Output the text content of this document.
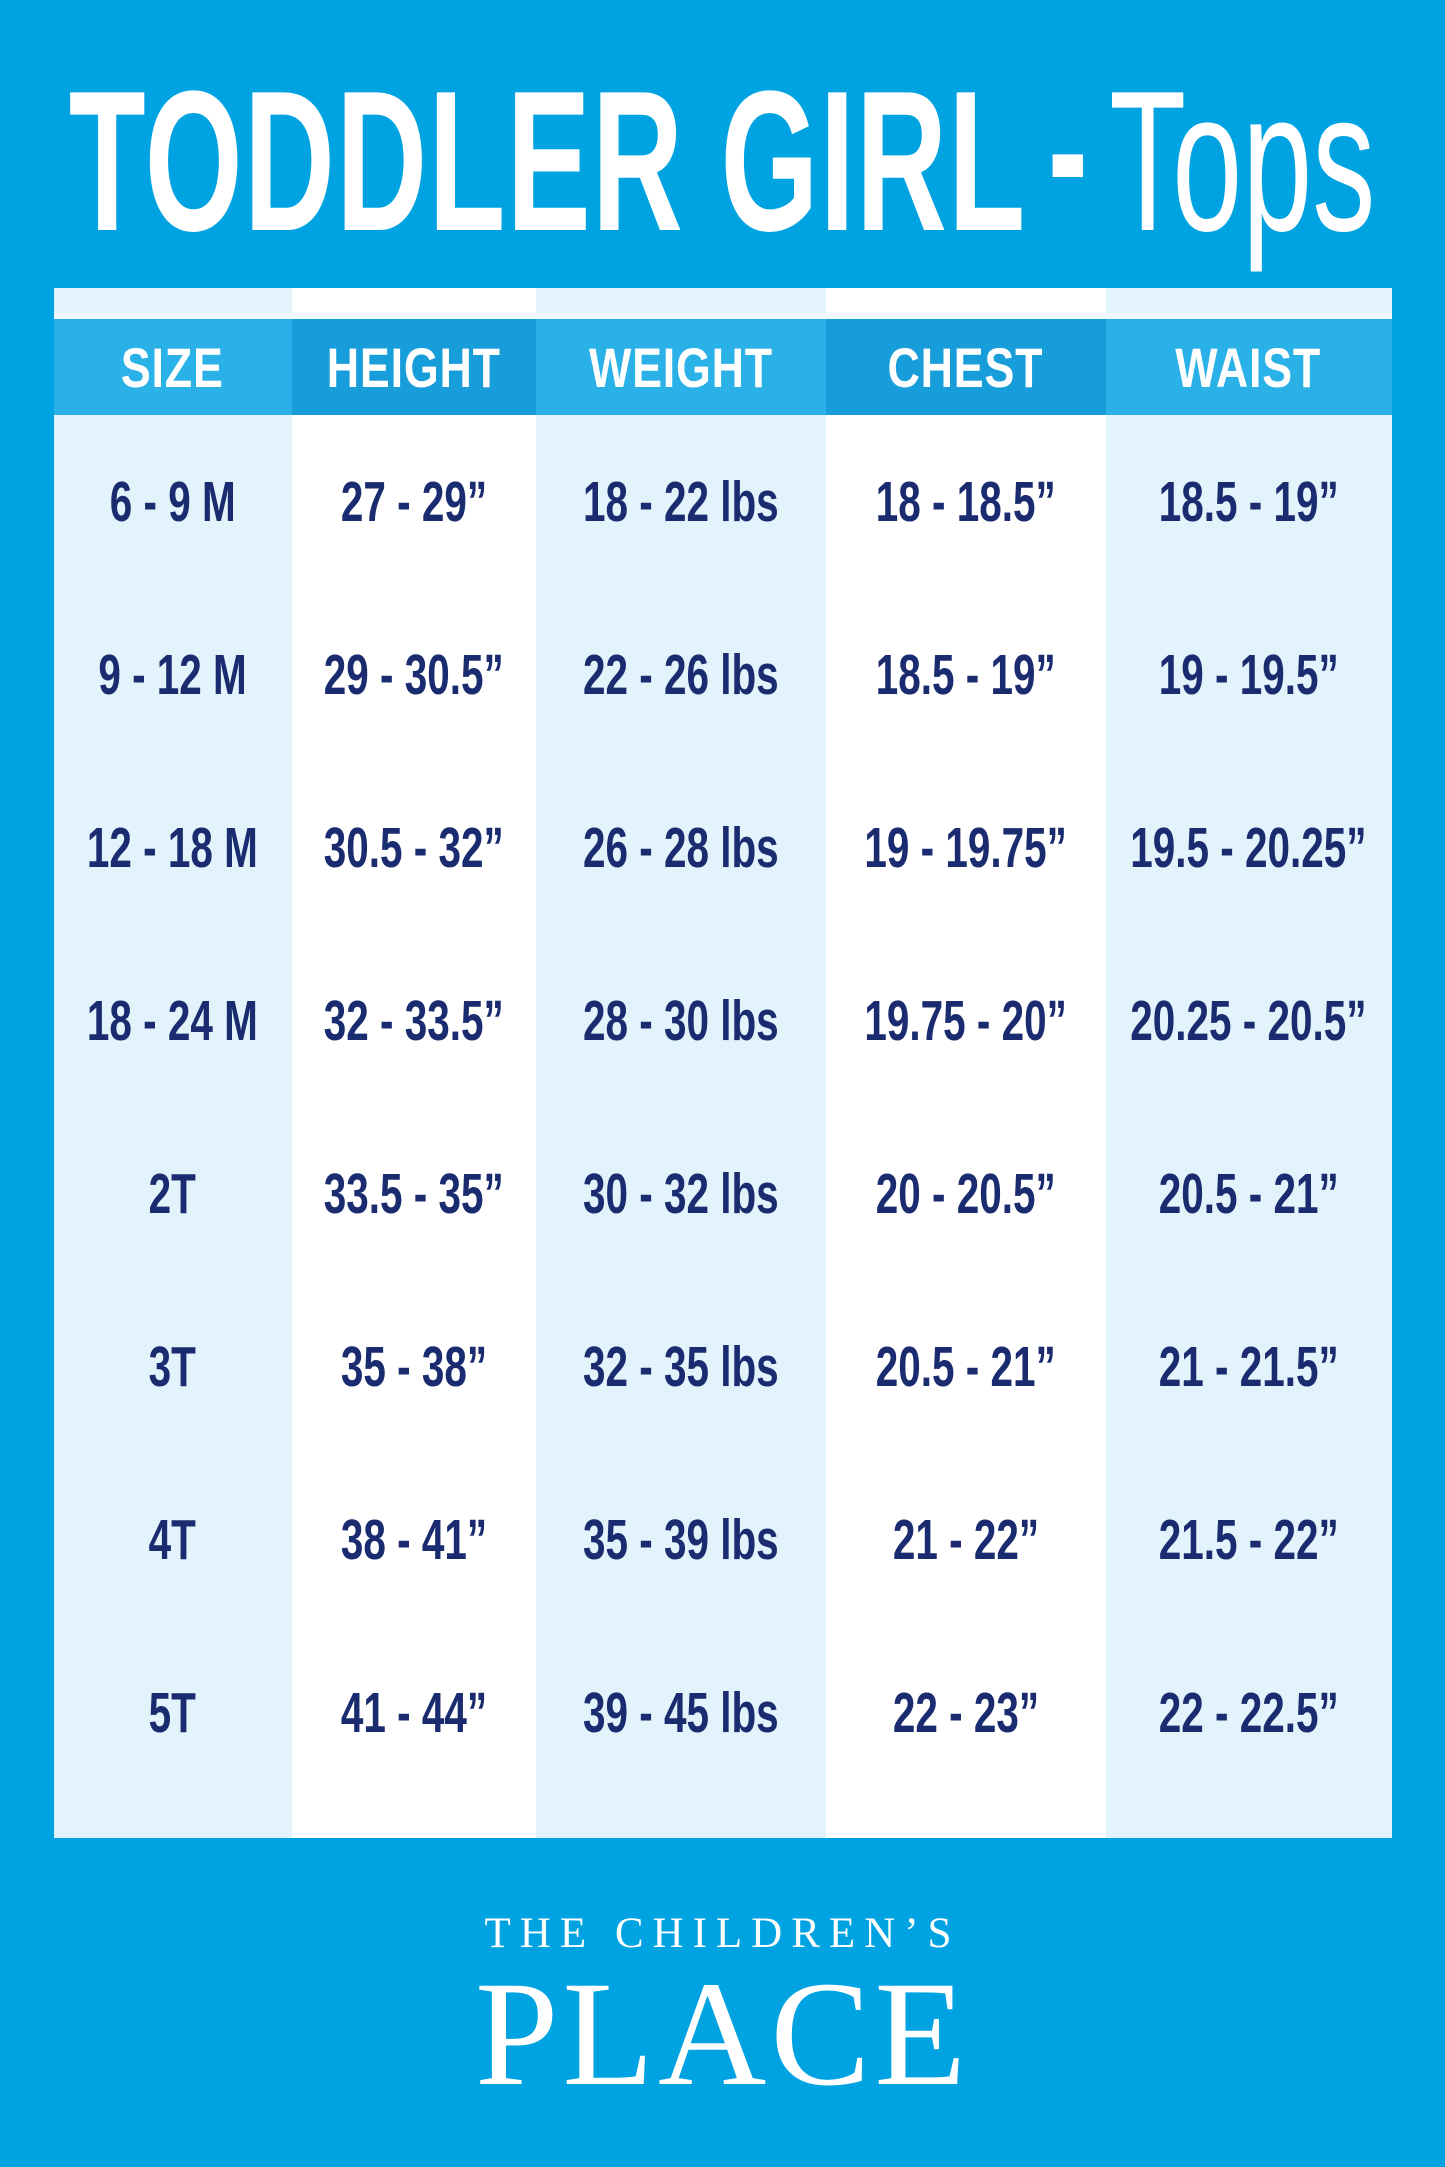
TODDLER GIRL - Tops
SIZE HEIGHT WEIGHT CHEST WAIST
6 - 9 M 27 - 29” 18 - 22 lbs 18 - 18.5” 18.5 - 19”
9 - 12 M 29 - 30.5” 22 - 26 lbs 18.5 - 19” 19 - 19.5”
12 - 18 M 30.5 - 32” 26 - 28 lbs 19 - 19.75” 19.5 - 20.25”
18 - 24 M 32 - 33.5” 28 - 30 lbs 19.75 - 20” 20.25 - 20.5”
2T 33.5 - 35” 30 - 32 lbs 20 - 20.5” 20.5 - 21”
3T	35 - 38” 32 - 35 lbs 20.5 - 21” 21 - 21.5”
4T	38 - 41” 35 - 39 lbs 21 - 22” 21.5 - 22”
5T	41 - 44” 39 - 45 lbs 22 - 23” 22 - 22.5”
THE CHILDREN’S
PLACE
